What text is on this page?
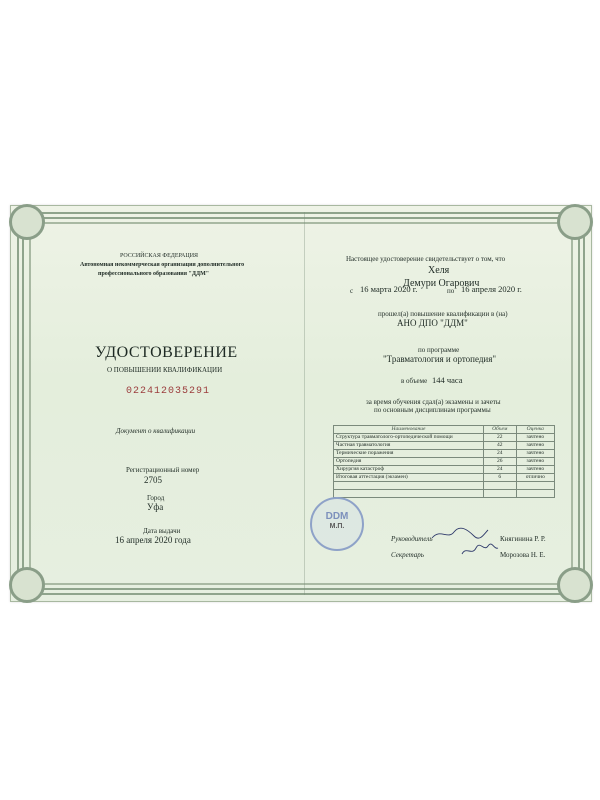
РОССИЙСКАЯ ФЕДЕРАЦИЯ
Автономная некоммерческая организация дополнительного
профессионального образования "ДДМ"
УДОСТОВЕРЕНИЕ
О ПОВЫШЕНИИ КВАЛИФИКАЦИИ
022412035291
Документ о квалификации
Регистрационный номер
2705
Город
Уфа
Дата выдачи
16 апреля 2020 года
Настоящее удостоверение свидетельствует о том, что
Хеля
Демури Огарович
с 16 марта 2020 г.	по 16 апреля 2020 г.
прошел(а) повышение квалификации в (на)
АНО ДПО "ДДМ"
по программе
"Травматология и ортопедия"
в объеме 144 часа
за время обучения сдал(а) экзамены и зачеты
по основным дисциплинам программы
Наименование	Объем	Оценка
Структура травматолого-ортопедической помощи	22	зачтено
Частная травматология	42	зачтено
Термические поражения	24	зачтено
Ортопедия	26	зачтено
Хирургия катастроф	24	зачтено
Итоговая аттестация (экзамен)	6	отлично

DDM
М.П.
Руководитель	Княгинина Р. Р.
Секретарь	Морозова Н. Е.
